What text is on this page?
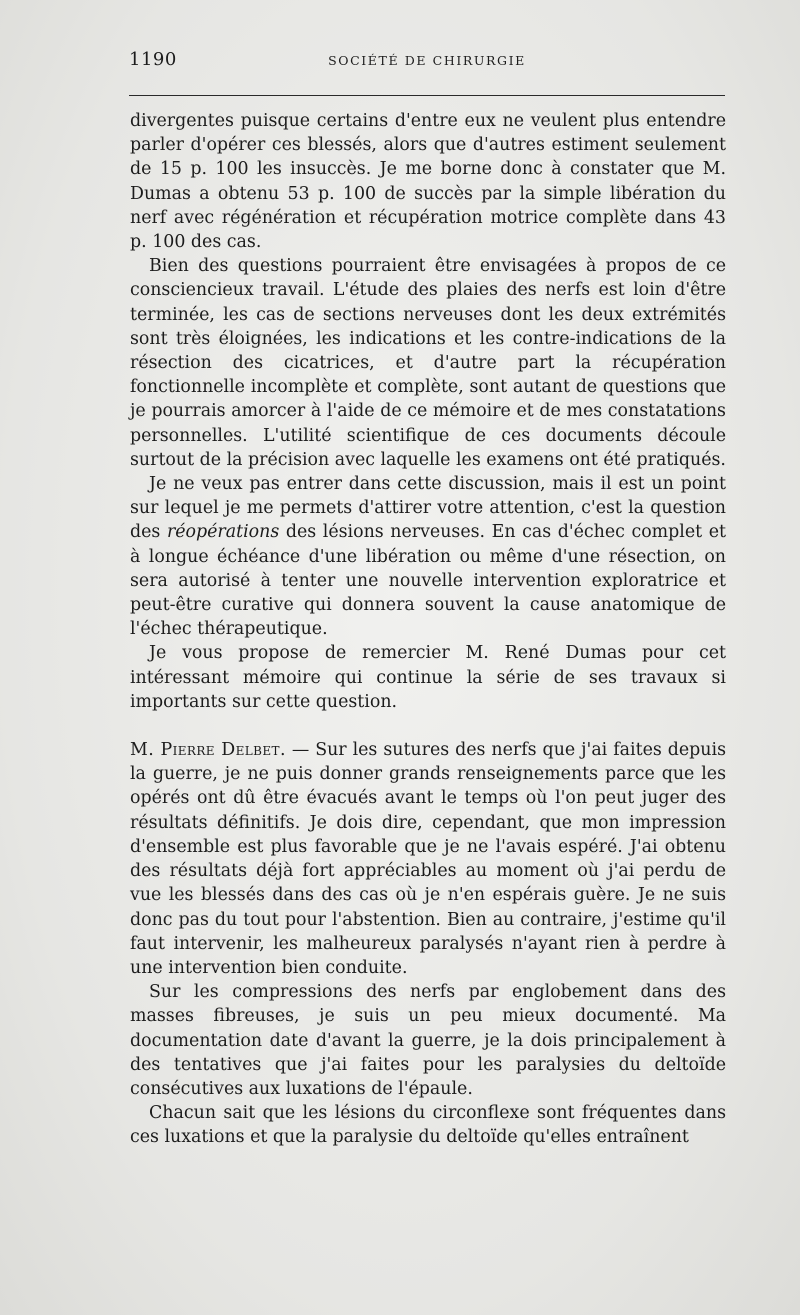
1190	SOCIÉTÉ DE CHIRURGIE

divergentes puisque certains d'entre eux ne veulent plus entendre parler d'opérer ces blessés, alors que d'autres estiment seulement de 15 p. 100 les insuccès. Je me borne donc à constater que M. Dumas a obtenu 53 p. 100 de succès par la simple libération du nerf avec régénération et récupération motrice complète dans 43 p. 100 des cas.

Bien des questions pourraient être envisagées à propos de ce consciencieux travail. L'étude des plaies des nerfs est loin d'être terminée, les cas de sections nerveuses dont les deux extrémités sont très éloignées, les indications et les contre-indications de la résection des cicatrices, et d'autre part la récupération fonctionnelle incomplète et complète, sont autant de questions que je pourrais amorcer à l'aide de ce mémoire et de mes constatations personnelles. L'utilité scientifique de ces documents découle surtout de la précision avec laquelle les examens ont été pratiqués.

Je ne veux pas entrer dans cette discussion, mais il est un point sur lequel je me permets d'attirer votre attention, c'est la question des réopérations des lésions nerveuses. En cas d'échec complet et à longue échéance d'une libération ou même d'une résection, on sera autorisé à tenter une nouvelle intervention exploratrice et peut-être curative qui donnera souvent la cause anatomique de l'échec thérapeutique.

Je vous propose de remercier M. René Dumas pour cet intéressant mémoire qui continue la série de ses travaux si importants sur cette question.

M. Pierre Delbet. — Sur les sutures des nerfs que j'ai faites depuis la guerre, je ne puis donner grands renseignements parce que les opérés ont dû être évacués avant le temps où l'on peut juger des résultats définitifs. Je dois dire, cependant, que mon impression d'ensemble est plus favorable que je ne l'avais espéré. J'ai obtenu des résultats déjà fort appréciables au moment où j'ai perdu de vue les blessés dans des cas où je n'en espérais guère. Je ne suis donc pas du tout pour l'abstention. Bien au contraire, j'estime qu'il faut intervenir, les malheureux paralysés n'ayant rien à perdre à une intervention bien conduite.

Sur les compressions des nerfs par englobement dans des masses fibreuses, je suis un peu mieux documenté. Ma documentation date d'avant la guerre, je la dois principalement à des tentatives que j'ai faites pour les paralysies du deltoïde consécutives aux luxations de l'épaule.

Chacun sait que les lésions du circonflexe sont fréquentes dans ces luxations et que la paralysie du deltoïde qu'elles entraînent
